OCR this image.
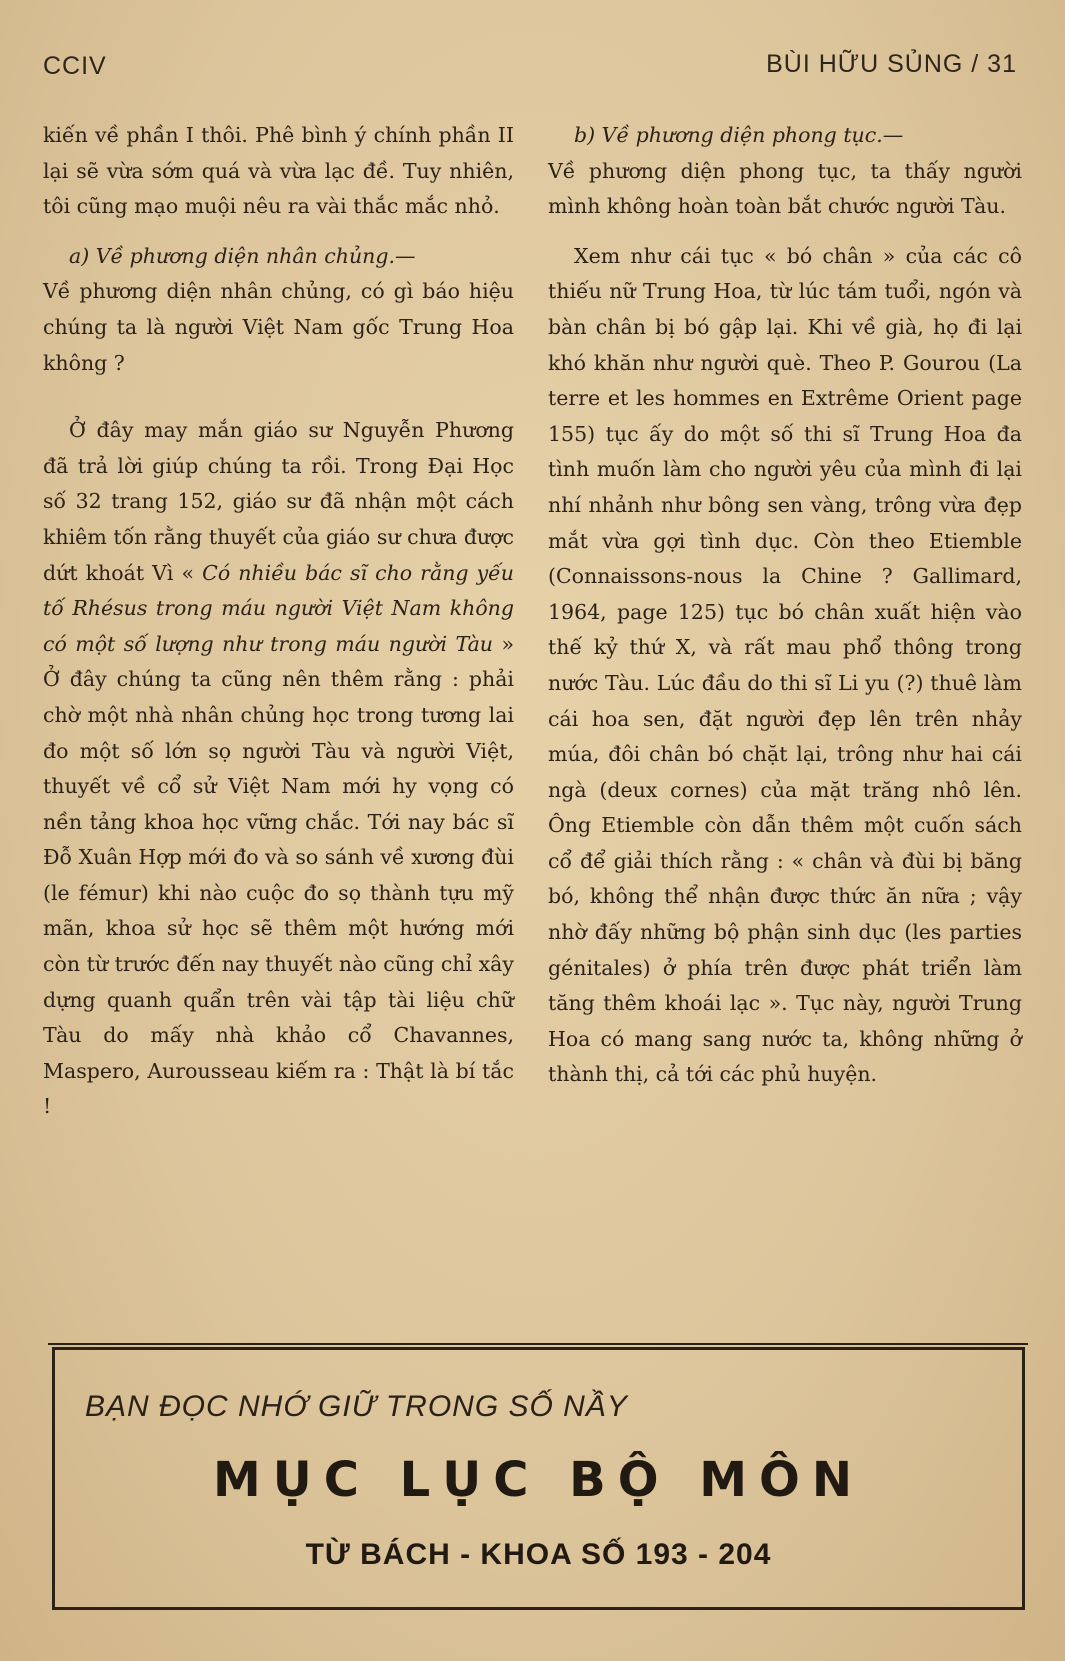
CCIV	BÙI HỮU SỦNG / 31

kiến về phần I thôi. Phê bình ý chính phần II lại sẽ vừa sớm quá và vừa lạc đề. Tuy nhiên, tôi cũng mạo muội nêu ra vài thắc mắc nhỏ.

a) Về phương diện nhân chủng.—

Về phương diện nhân chủng, có gì báo hiệu chúng ta là người Việt Nam gốc Trung Hoa không ?

Ở đây may mắn giáo sư Nguyễn Phương đã trả lời giúp chúng ta rồi. Trong Đại Học số 32 trang 152, giáo sư đã nhận một cách khiêm tốn rằng thuyết của giáo sư chưa được dứt khoát Vì « Có nhiều bác sĩ cho rằng yếu tố Rhésus trong máu người Việt Nam không có một số lượng như trong máu người Tàu » Ở đây chúng ta cũng nên thêm rằng : phải chờ một nhà nhân chủng học trong tương lai đo một số lớn sọ người Tàu và người Việt, thuyết về cổ sử Việt Nam mới hy vọng có nền tảng khoa học vững chắc. Tới nay bác sĩ Đỗ Xuân Hợp mới đo và so sánh về xương đùi (le fémur) khi nào cuộc đo sọ thành tựu mỹ mãn, khoa sử học sẽ thêm một hướng mới còn từ trước đến nay thuyết nào cũng chỉ xây dựng quanh quẩn trên vài tập tài liệu chữ Tàu do mấy nhà khảo cổ Chavannes, Maspero, Aurousseau kiếm ra : Thật là bí tắc !

b) Về phương diện phong tục.—

Về phương diện phong tục, ta thấy người mình không hoàn toàn bắt chước người Tàu.

Xem như cái tục « bó chân » của các cô thiếu nữ Trung Hoa, từ lúc tám tuổi, ngón và bàn chân bị bó gập lại. Khi về già, họ đi lại khó khăn như người què. Theo P. Gourou (La terre et les hommes en Extrême Orient page 155) tục ấy do một số thi sĩ Trung Hoa đa tình muốn làm cho người yêu của mình đi lại nhí nhảnh như bông sen vàng, trông vừa đẹp mắt vừa gợi tình dục. Còn theo Etiemble (Connaissons-nous la Chine ? Gallimard, 1964, page 125) tục bó chân xuất hiện vào thế kỷ thứ X, và rất mau phổ thông trong nước Tàu. Lúc đầu do thi sĩ Li yu (?) thuê làm cái hoa sen, đặt người đẹp lên trên nhảy múa, đôi chân bó chặt lại, trông như hai cái ngà (deux cornes) của mặt trăng nhô lên. Ông Etiemble còn dẫn thêm một cuốn sách cổ để giải thích rằng : « chân và đùi bị băng bó, không thể nhận được thức ăn nữa ; vậy nhờ đấy những bộ phận sinh dục (les parties génitales) ở phía trên được phát triển làm tăng thêm khoái lạc ». Tục này, người Trung Hoa có mang sang nước ta, không những ở thành thị, cả tới các phủ huyện.

BẠN ĐỌC NHỚ GIỮ TRONG SỐ NẦY
MỤC LỤC BỘ MÔN
TỪ BÁCH - KHOA SỐ 193 - 204
